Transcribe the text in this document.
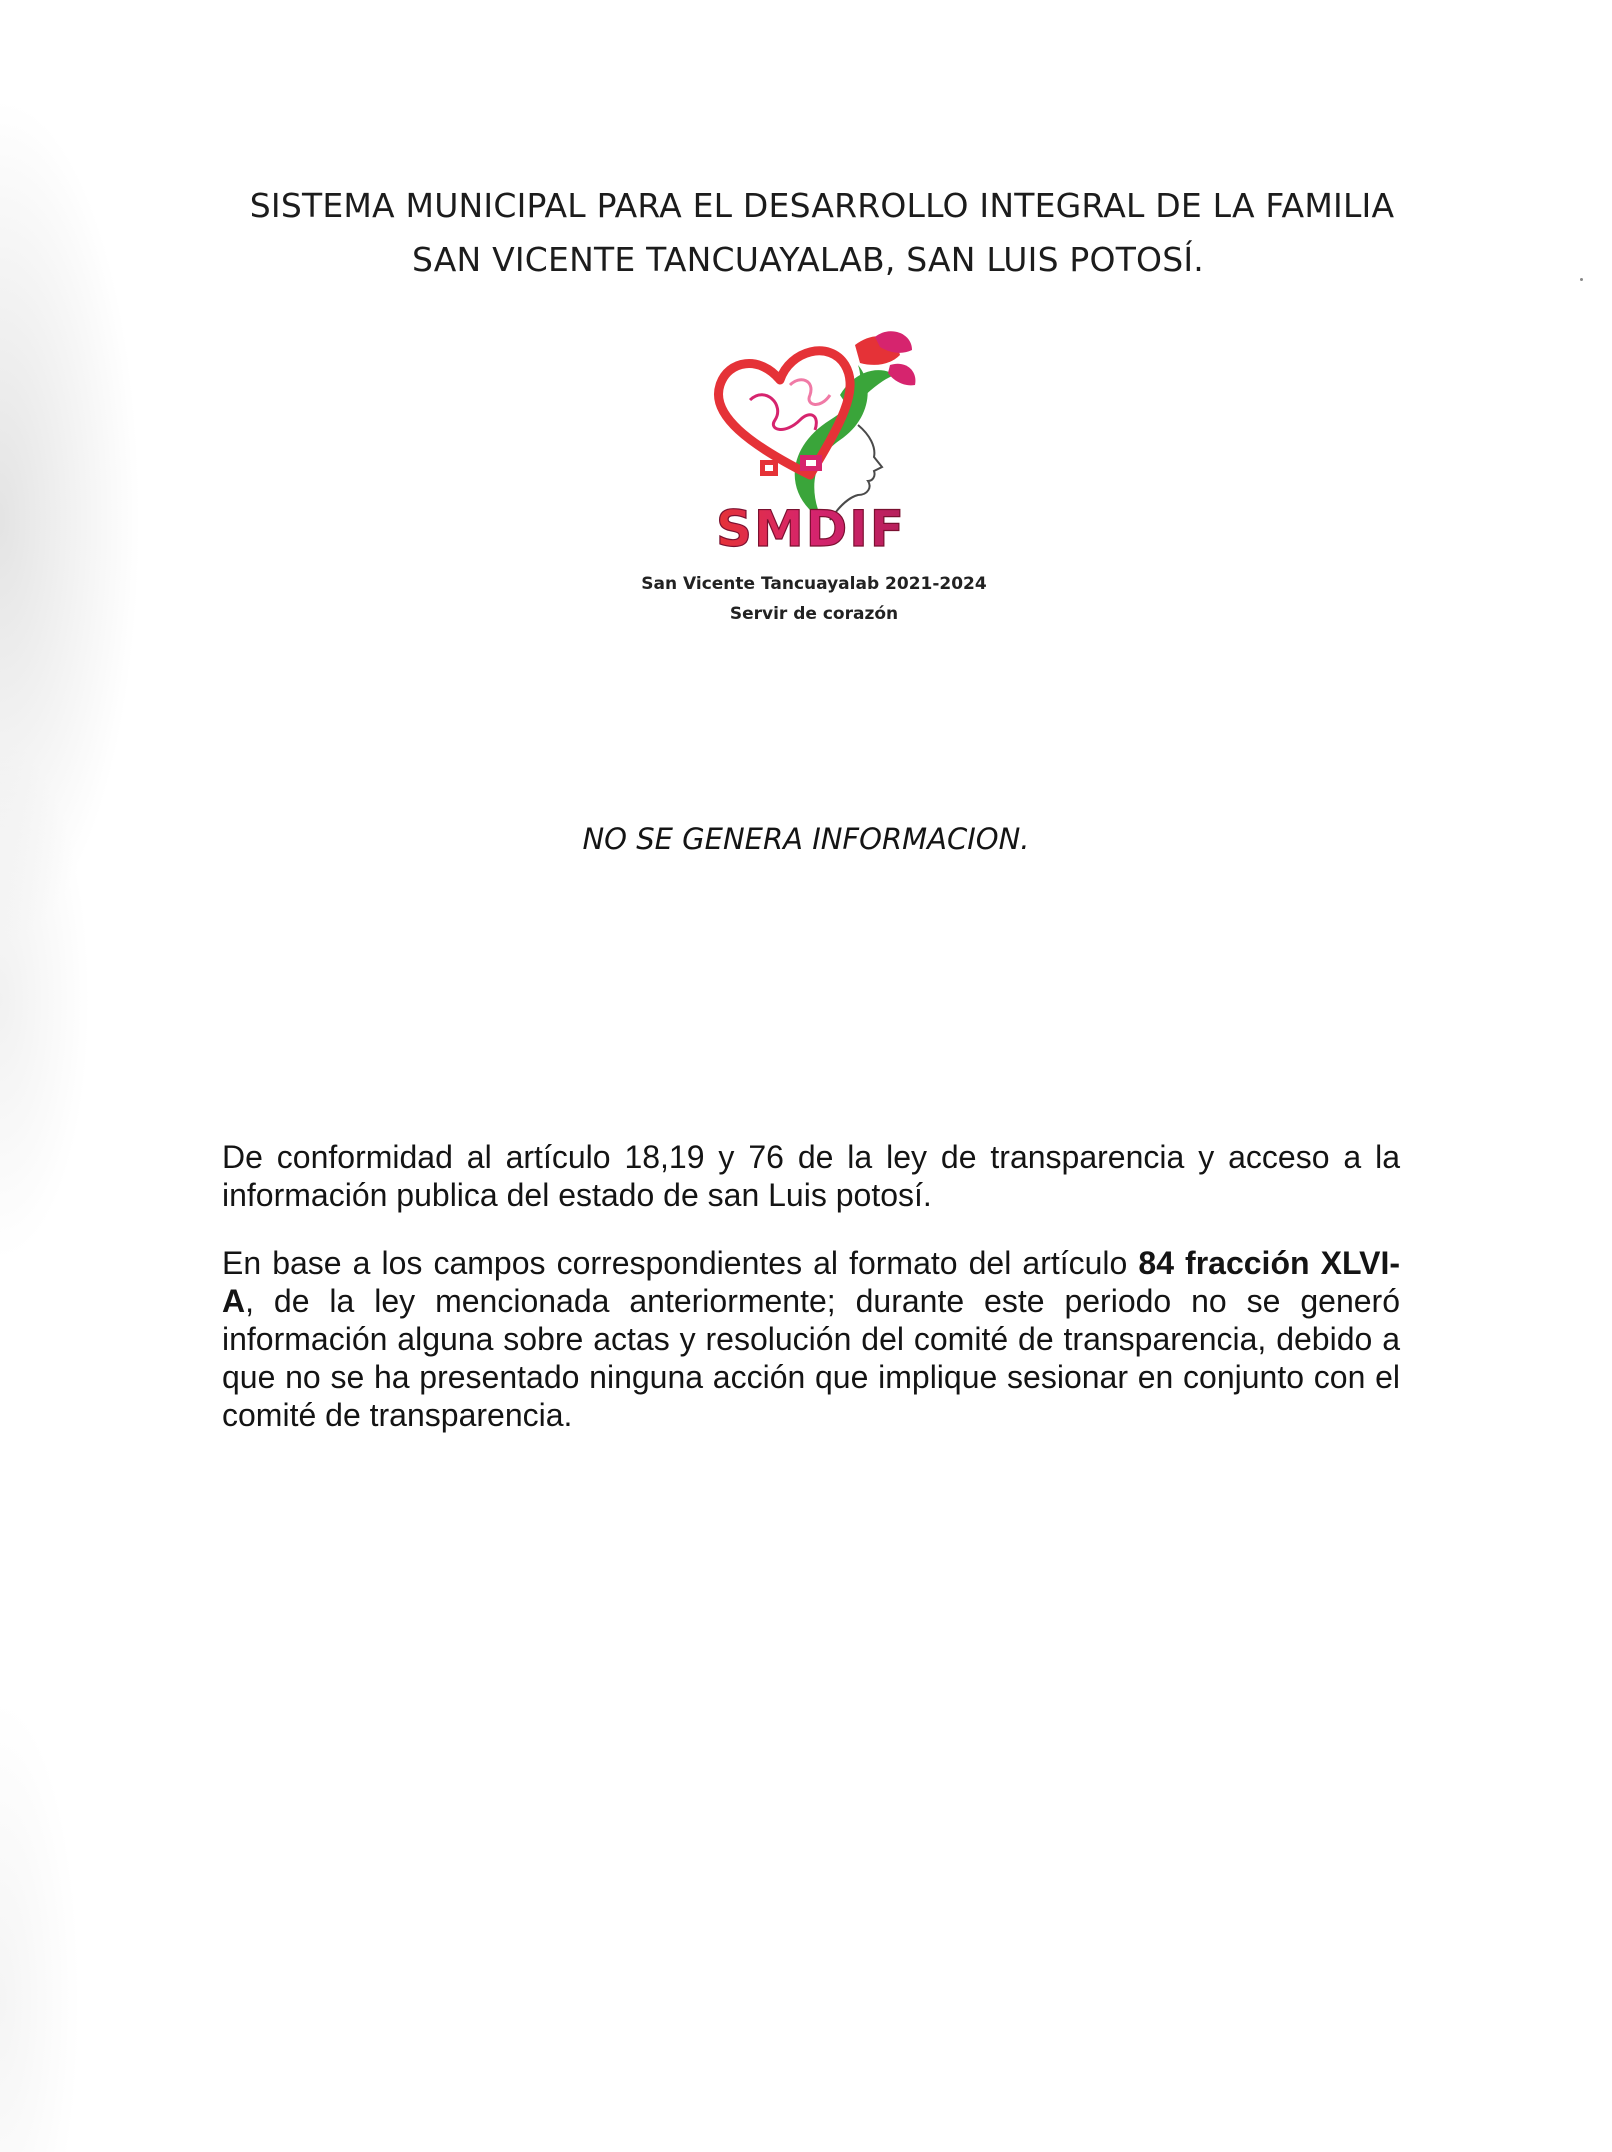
SISTEMA MUNICIPAL PARA EL DESARROLLO INTEGRAL DE LA FAMILIA
SAN VICENTE TANCUAYALAB, SAN LUIS POTOSÍ.
SMDIF
San Vicente Tancuayalab 2021-2024
Servir de corazón
NO SE GENERA INFORMACION.

De conformidad al artículo 18,19 y 76 de la ley de transparencia y acceso a la información publica del estado de san Luis potosí.

En base a los campos correspondientes al formato del artículo 84 fracción XLVI-A, de la ley mencionada anteriormente; durante este periodo no se generó información alguna sobre actas y resolución del comité de transparencia, debido a que no se ha presentado ninguna acción que implique sesionar en conjunto con el comité de transparencia.
